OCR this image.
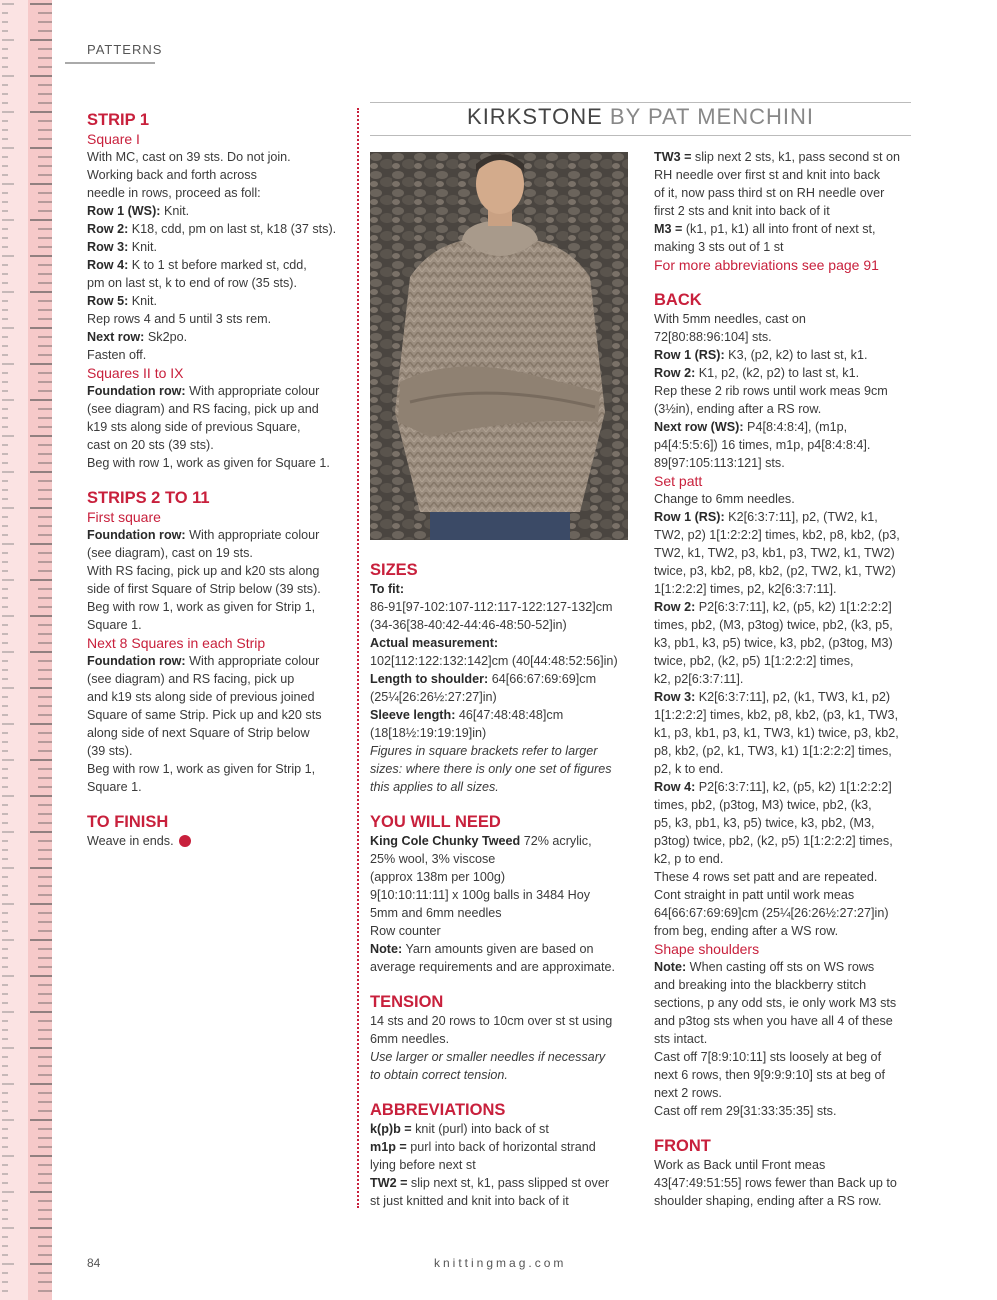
PATTERNS
KIRKSTONE BY PAT MENCHINI
STRIP 1
Square I

With MC, cast on 39 sts. Do not join.

Working back and forth across

needle in rows, proceed as foll:

Row 1 (WS): Knit.

Row 2: K18, cdd, pm on last st, k18 (37 sts).

Row 3: Knit.

Row 4: K to 1 st before marked st, cdd,

pm on last st, k to end of row (35 sts).

Row 5: Knit.

Rep rows 4 and 5 until 3 sts rem.

Next row: Sk2po.

Fasten off.

Squares II to IX

Foundation row: With appropriate colour

(see diagram) and RS facing, pick up and

k19 sts along side of previous Square,

cast on 20 sts (39 sts).

Beg with row 1, work as given for Square 1.

STRIPS 2 TO 11
First square

Foundation row: With appropriate colour

(see diagram), cast on 19 sts.

With RS facing, pick up and k20 sts along

side of first Square of Strip below (39 sts).

Beg with row 1, work as given for Strip 1,

Square 1.

Next 8 Squares in each Strip

Foundation row: With appropriate colour

(see diagram) and RS facing, pick up

and k19 sts along side of previous joined

Square of same Strip. Pick up and k20 sts

along side of next Square of Strip below

(39 sts).

Beg with row 1, work as given for Strip 1,

Square 1.

TO FINISH

Weave in ends.

SIZES

To fit:

86-91[97-102:107-112:117-122:127-132]cm

(34-36[38-40:42-44:46-48:50-52]in)

Actual measurement:

102[112:122:132:142]cm (40[44:48:52:56]in)

Length to shoulder: 64[66:67:69:69]cm

(25¼[26:26½:27:27]in)

Sleeve length: 46[47:48:48:48]cm

(18[18½:19:19:19]in)

Figures in square brackets refer to larger

sizes: where there is only one set of figures

this applies to all sizes.

YOU WILL NEED

King Cole Chunky Tweed 72% acrylic,

25% wool, 3% viscose

(approx 138m per 100g)

9[10:10:11:11] x 100g balls in 3484 Hoy

5mm and 6mm needles

Row counter

Note: Yarn amounts given are based on

average requirements and are approximate.

TENSION

14 sts and 20 rows to 10cm over st st using

6mm needles.

Use larger or smaller needles if necessary

to obtain correct tension.

ABBREVIATIONS

k(p)b = knit (purl) into back of st

m1p = purl into back of horizontal strand

lying before next st

TW2 = slip next st, k1, pass slipped st over

st just knitted and knit into back of it

TW3 = slip next 2 sts, k1, pass second st on

RH needle over first st and knit into back

of it, now pass third st on RH needle over

first 2 sts and knit into back of it

M3 = (k1, p1, k1) all into front of next st,

making 3 sts out of 1 st

For more abbreviations see page 91

BACK

With 5mm needles, cast on

72[80:88:96:104] sts.

Row 1 (RS): K3, (p2, k2) to last st, k1.

Row 2: K1, p2, (k2, p2) to last st, k1.

Rep these 2 rib rows until work meas 9cm

(3½in), ending after a RS row.

Next row (WS): P4[8:4:8:4], (m1p,

p4[4:5:5:6]) 16 times, m1p, p4[8:4:8:4].

89[97:105:113:121] sts.

Set patt

Change to 6mm needles.

Row 1 (RS): K2[6:3:7:11], p2, (TW2, k1,

TW2, p2) 1[1:2:2:2] times, kb2, p8, kb2, (p3,

TW2, k1, TW2, p3, kb1, p3, TW2, k1, TW2)

twice, p3, kb2, p8, kb2, (p2, TW2, k1, TW2)

1[1:2:2:2] times, p2, k2[6:3:7:11].

Row 2: P2[6:3:7:11], k2, (p5, k2) 1[1:2:2:2]

times, pb2, (M3, p3tog) twice, pb2, (k3, p5,

k3, pb1, k3, p5) twice, k3, pb2, (p3tog, M3)

twice, pb2, (k2, p5) 1[1:2:2:2] times,

k2, p2[6:3:7:11].

Row 3: K2[6:3:7:11], p2, (k1, TW3, k1, p2)

1[1:2:2:2] times, kb2, p8, kb2, (p3, k1, TW3,

k1, p3, kb1, p3, k1, TW3, k1) twice, p3, kb2,

p8, kb2, (p2, k1, TW3, k1) 1[1:2:2:2] times,

p2, k to end.

Row 4: P2[6:3:7:11], k2, (p5, k2) 1[1:2:2:2]

times, pb2, (p3tog, M3) twice, pb2, (k3,

p5, k3, pb1, k3, p5) twice, k3, pb2, (M3,

p3tog) twice, pb2, (k2, p5) 1[1:2:2:2] times,

k2, p to end.

These 4 rows set patt and are repeated.

Cont straight in patt until work meas

64[66:67:69:69]cm (25¼[26:26½:27:27]in)

from beg, ending after a WS row.

Shape shoulders

Note: When casting off sts on WS rows

and breaking into the blackberry stitch

sections, p any odd sts, ie only work M3 sts

and p3tog sts when you have all 4 of these

sts intact.

Cast off 7[8:9:10:11] sts loosely at beg of

next 6 rows, then 9[9:9:9:10] sts at beg of

next 2 rows.

Cast off rem 29[31:33:35:35] sts.

FRONT

Work as Back until Front meas

43[47:49:51:55] rows fewer than Back up to

shoulder shaping, ending after a RS row.

84	knittingmag.com
